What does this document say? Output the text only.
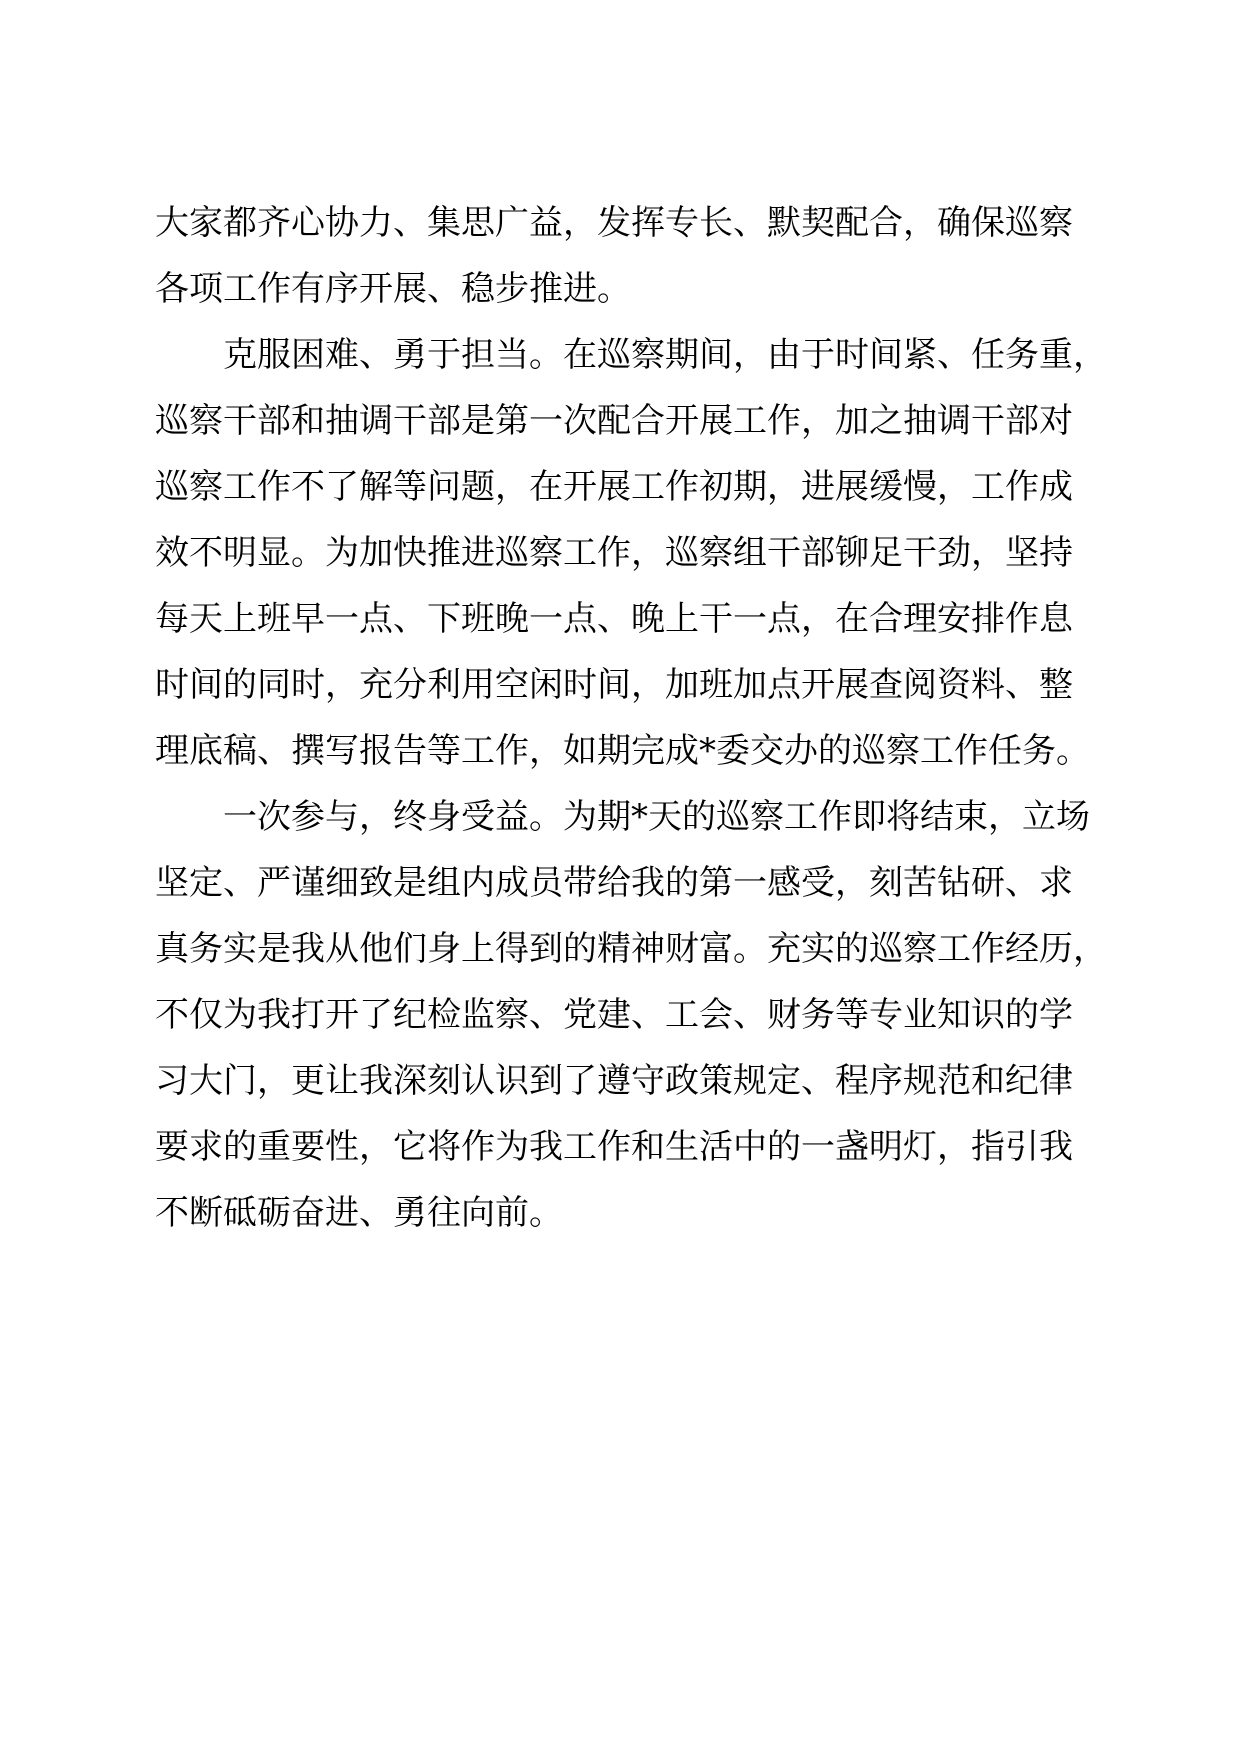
大家都齐心协力、集思广益，发挥专长、默契配合，确保巡察
各项工作有序开展、稳步推进。
克服困难、勇于担当。在巡察期间，由于时间紧、任务重，
巡察干部和抽调干部是第一次配合开展工作，加之抽调干部对
巡察工作不了解等问题，在开展工作初期，进展缓慢，工作成
效不明显。为加快推进巡察工作，巡察组干部铆足干劲，坚持
每天上班早一点、下班晚一点、晚上干一点，在合理安排作息
时间的同时，充分利用空闲时间，加班加点开展查阅资料、整
理底稿、撰写报告等工作，如期完成*委交办的巡察工作任务。
一次参与，终身受益。为期*天的巡察工作即将结束，立场
坚定、严谨细致是组内成员带给我的第一感受，刻苦钻研、求
真务实是我从他们身上得到的精神财富。充实的巡察工作经历，
不仅为我打开了纪检监察、党建、工会、财务等专业知识的学
习大门，更让我深刻认识到了遵守政策规定、程序规范和纪律
要求的重要性，它将作为我工作和生活中的一盏明灯，指引我
不断砥砺奋进、勇往向前。
